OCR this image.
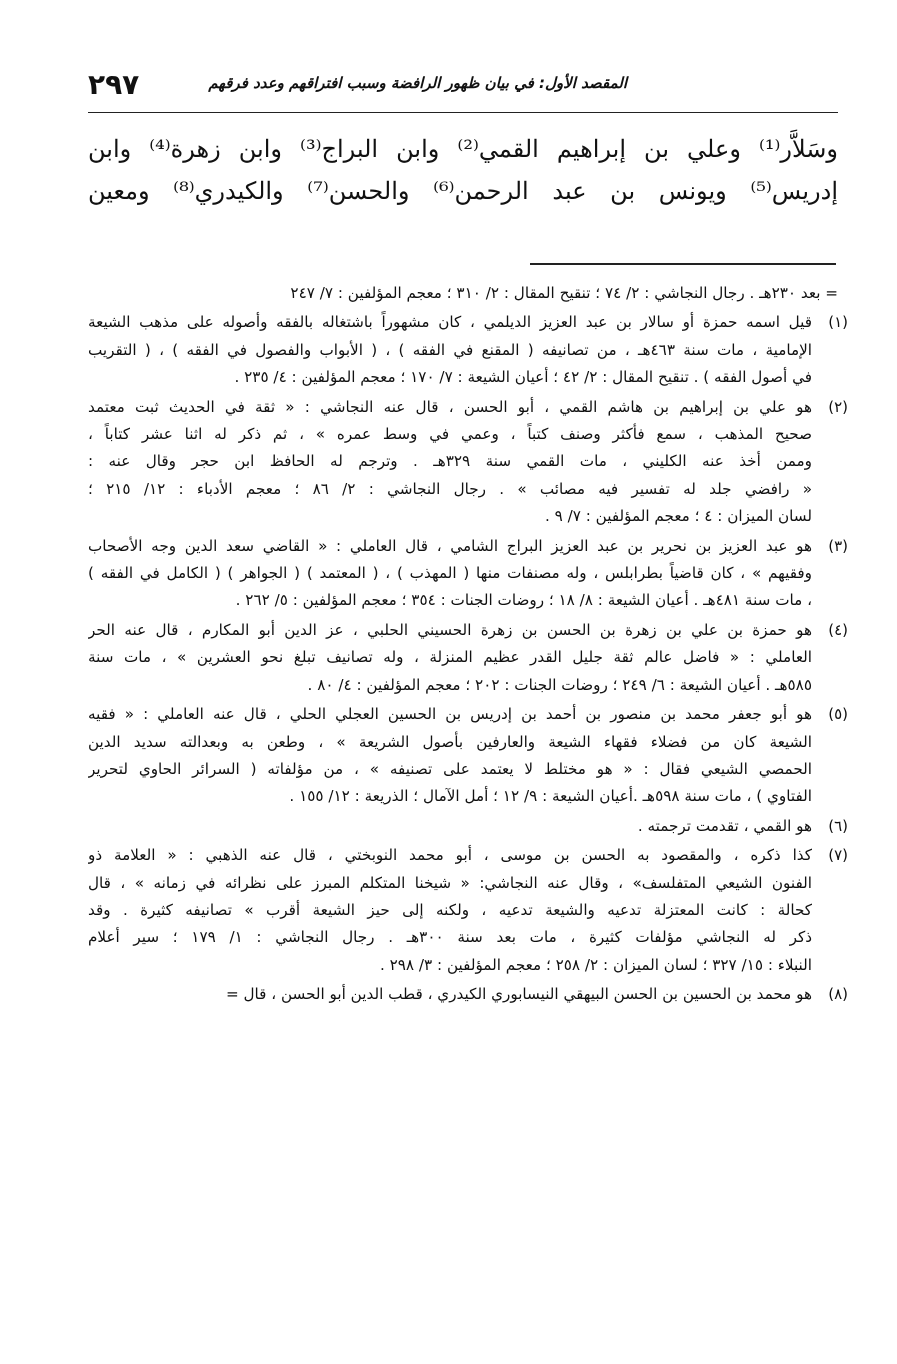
المقصد الأول: في بيان ظهور الرافضة وسبب افتراقهم وعدد فرقهم
٢٩٧
وسَلاَّر⁽¹⁾ وعلي بن إبراهيم القمي⁽²⁾ وابن البراج⁽³⁾ وابن زهرة⁽⁴⁾ وابن
إدريس⁽⁵⁾ ويونس بن عبد الرحمن⁽⁶⁾ والحسن⁽⁷⁾ والكيدري⁽⁸⁾ ومعين
= بعد ٢٣٠هـ . رجال النجاشي : ٢/ ٧٤ ؛ تنقيح المقال : ٢/ ٣١٠ ؛ معجم المؤلفين : ٧/ ٢٤٧
(١)
قيل اسمه حمزة أو سالار بن عبد العزيز الديلمي ، كان مشهوراً باشتغاله بالفقه وأصوله على مذهب الشيعة
الإمامية ، مات سنة ٤٦٣هـ ، من تصانيفه ( المقنع في الفقه ) ، ( الأبواب والفصول في الفقه ) ، ( التقريب
في أصول الفقه ) . تنقيح المقال : ٢/ ٤٢ ؛ أعيان الشيعة : ٧/ ١٧٠ ؛ معجم المؤلفين : ٤/ ٢٣٥ .
(٢)
هو علي بن إبراهيم بن هاشم القمي ، أبو الحسن ، قال عنه النجاشي : « ثقة في الحديث ثبت معتمد
صحيح المذهب ، سمع فأكثر وصنف كتباً ، وعمي في وسط عمره » ، ثم ذكر له اثنا عشر كتاباً ،
وممن أخذ عنه الكليني ، مات القمي سنة ٣٢٩هـ . وترجم له الحافظ ابن حجر وقال عنه :
« رافضي جلد له تفسير فيه مصائب » . رجال النجاشي : ٢/ ٨٦ ؛ معجم الأدباء : ١٢/ ٢١٥ ؛
لسان الميزان : ٤ ؛ معجم المؤلفين : ٧/ ٩ .
(٣)
هو عبد العزيز بن نحرير بن عبد العزيز البراج الشامي ، قال العاملي : « القاضي سعد الدين وجه الأصحاب
وفقيهم » ، كان قاضياً بطرابلس ، وله مصنفات منها ( المهذب ) ، ( المعتمد ) ( الجواهر ) ( الكامل في الفقه )
، مات سنة ٤٨١هـ . أعيان الشيعة : ٨/ ١٨ ؛ روضات الجنات : ٣٥٤ ؛ معجم المؤلفين : ٥/ ٢٦٢ .
(٤)
هو حمزة بن علي بن زهرة بن الحسن بن زهرة الحسيني الحلبي ، عز الدين أبو المكارم ، قال عنه الحر
العاملي : « فاضل عالم ثقة جليل القدر عظيم المنزلة ، وله تصانيف تبلغ نحو العشرين » ، مات سنة
٥٨٥هـ . أعيان الشيعة : ٦/ ٢٤٩ ؛ روضات الجنات : ٢٠٢ ؛ معجم المؤلفين : ٤/ ٨٠ .
(٥)
هو أبو جعفر محمد بن منصور بن أحمد بن إدريس بن الحسين العجلي الحلي ، قال عنه العاملي : « فقيه
الشيعة كان من فضلاء فقهاء الشيعة والعارفين بأصول الشريعة » ، وطعن به وبعدالته سديد الدين
الحمصي الشيعي فقال : « هو مختلط لا يعتمد على تصنيفه » ، من مؤلفاته ( السرائر الحاوي لتحرير
الفتاوي ) ، مات سنة ٥٩٨هـ .أعيان الشيعة : ٩/ ١٢ ؛ أمل الآمال ؛ الذريعة : ١٢/ ١٥٥ .
(٦)
هو القمي ، تقدمت ترجمته .
(٧)
كذا ذكره ، والمقصود به الحسن بن موسى ، أبو محمد النوبختي ، قال عنه الذهبي : « العلامة ذو
الفنون الشيعي المتفلسف» ، وقال عنه النجاشي: « شيخنا المتكلم المبرز على نظرائه في زمانه » ، قال
كحالة : كانت المعتزلة تدعيه والشيعة تدعيه ، ولكنه إلى حيز الشيعة أقرب » تصانيفه كثيرة . وقد
ذكر له النجاشي مؤلفات كثيرة ، مات بعد سنة ٣٠٠هـ . رجال النجاشي : ١/ ١٧٩ ؛ سير أعلام
النبلاء : ١٥/ ٣٢٧ ؛ لسان الميزان : ٢/ ٢٥٨ ؛ معجم المؤلفين : ٣/ ٢٩٨ .
(٨)
هو محمد بن الحسين بن الحسن البيهقي النيسابوري الكيدري ، قطب الدين أبو الحسن ، قال =
